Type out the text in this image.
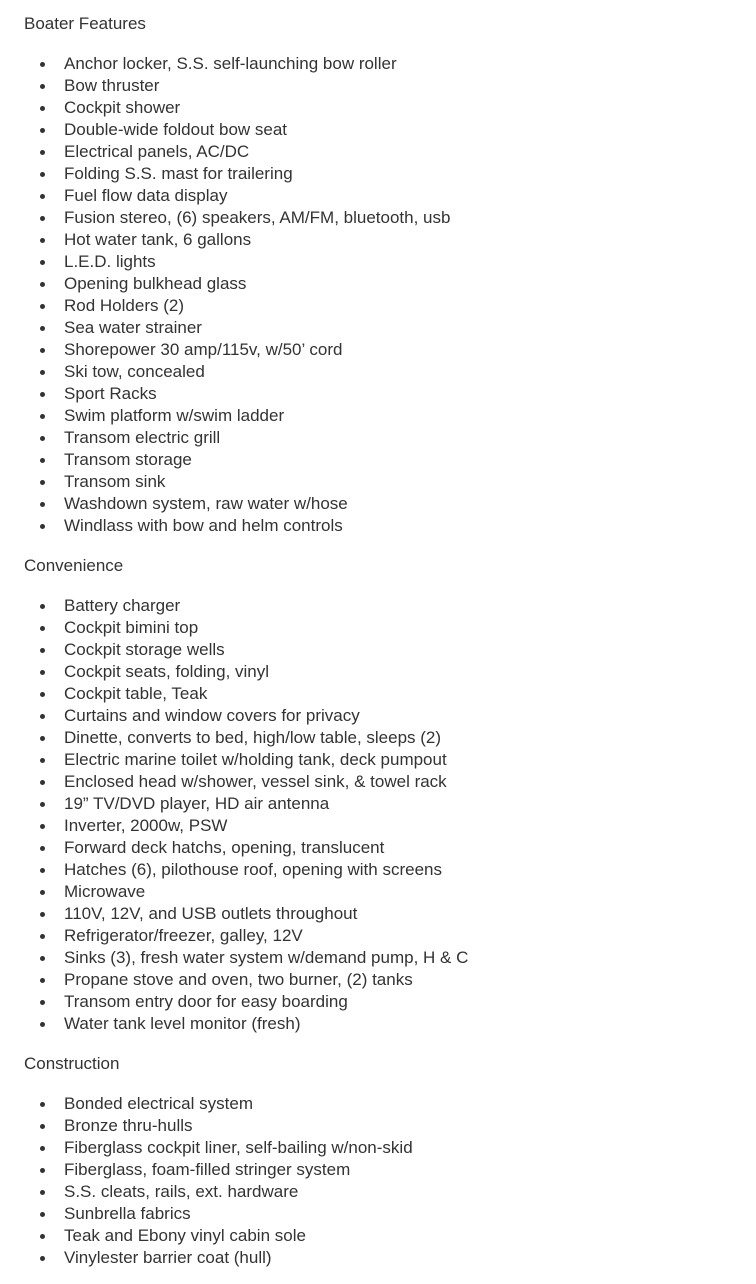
Boater Features
Anchor locker, S.S. self-launching bow roller
Bow thruster
Cockpit shower
Double-wide foldout bow seat
Electrical panels, AC/DC
Folding S.S. mast for trailering
Fuel flow data display
Fusion stereo, (6) speakers, AM/FM, bluetooth, usb
Hot water tank, 6 gallons
L.E.D. lights
Opening bulkhead glass
Rod Holders (2)
Sea water strainer
Shorepower 30 amp/115v, w/50’ cord
Ski tow, concealed
Sport Racks
Swim platform w/swim ladder
Transom electric grill
Transom storage
Transom sink
Washdown system, raw water w/hose
Windlass with bow and helm controls
Convenience
Battery charger
Cockpit bimini top
Cockpit storage wells
Cockpit seats, folding, vinyl
Cockpit table, Teak
Curtains and window covers for privacy
Dinette, converts to bed, high/low table, sleeps (2)
Electric marine toilet w/holding tank, deck pumpout
Enclosed head w/shower, vessel sink, & towel rack
19” TV/DVD player, HD air antenna
Inverter, 2000w, PSW
Forward deck hatchs, opening, translucent
Hatches (6), pilothouse roof, opening with screens
Microwave
110V, 12V, and USB outlets throughout
Refrigerator/freezer, galley, 12V
Sinks (3), fresh water system w/demand pump, H & C
Propane stove and oven, two burner, (2) tanks
Transom entry door for easy boarding
Water tank level monitor (fresh)
Construction
Bonded electrical system
Bronze thru-hulls
Fiberglass cockpit liner, self-bailing w/non-skid
Fiberglass, foam-filled stringer system
S.S. cleats, rails, ext. hardware
Sunbrella fabrics
Teak and Ebony vinyl cabin sole
Vinylester barrier coat (hull)
